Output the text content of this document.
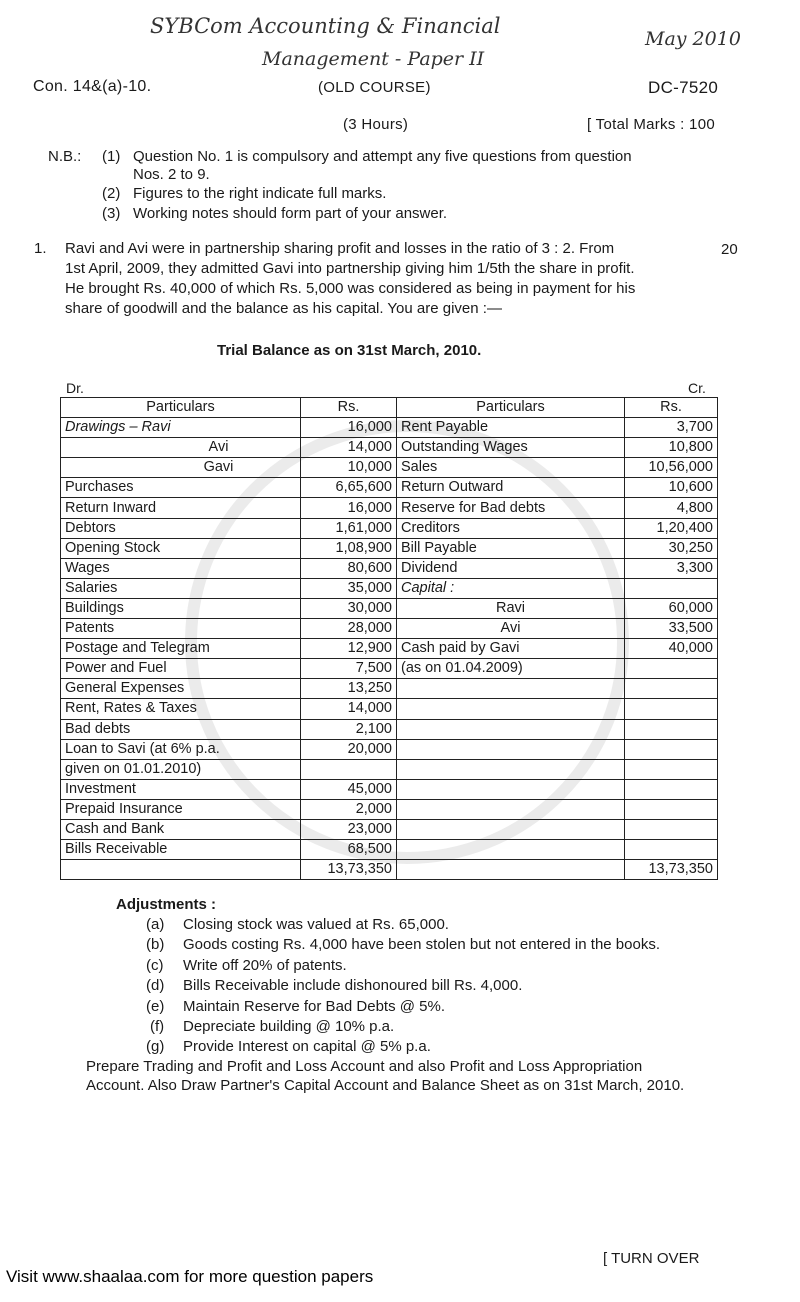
SYBCom Accounting & Financial
Management - Paper II
May 2010
Con. 14&(a)-10.	(OLD COURSE)	DC-7520
(3 Hours)	[ Total Marks : 100
N.B.: (1) Question No. 1 is compulsory and attempt any five questions from question
Nos. 2 to 9.
(2) Figures to the right indicate full marks.
(3) Working notes should form part of your answer.
1.	20
Ravi and Avi were in partnership sharing profit and losses in the ratio of 3 : 2. From
1st April, 2009, they admitted Gavi into partnership giving him 1/5th the share in profit.
He brought Rs. 40,000 of which Rs. 5,000 was considered as being in payment for his
share of goodwill and the balance as his capital. You are given :—
Trial Balance as on 31st March, 2010.
Dr.	Cr.
Particulars	Rs.	Particulars	Rs.
Drawings – Ravi	16,000	Rent Payable	3,700
Avi	14,000	Outstanding Wages	10,800
Gavi	10,000	Sales	10,56,000
Purchases	6,65,600	Return Outward	10,600
Return Inward	16,000	Reserve for Bad debts	4,800
Debtors	1,61,000	Creditors	1,20,400
Opening Stock	1,08,900	Bill Payable	30,250
Wages	80,600	Dividend	3,300
Salaries	35,000	Capital :	
Buildings	30,000	Ravi	60,000
Patents	28,000	Avi	33,500
Postage and Telegram	12,900	Cash paid by Gavi	40,000
Power and Fuel	7,500	(as on 01.04.2009)	
General Expenses	13,250		
Rent, Rates & Taxes	14,000		
Bad debts	2,100		
Loan to Savi (at 6% p.a.	20,000		
given on 01.01.2010)			
Investment	45,000		
Prepaid Insurance	2,000		
Cash and Bank	23,000		
Bills Receivable	68,500		
	13,73,350		13,73,350
Adjustments :
(a) Closing stock was valued at Rs. 65,000.
(b) Goods costing Rs. 4,000 have been stolen but not entered in the books.
(c) Write off 20% of patents.
(d) Bills Receivable include dishonoured bill Rs. 4,000.
(e) Maintain Reserve for Bad Debts @ 5%.
(f) Depreciate building @ 10% p.a.
(g) Provide Interest on capital @ 5% p.a.
Prepare Trading and Profit and Loss Account and also Profit and Loss Appropriation
Account. Also Draw Partner's Capital Account and Balance Sheet as on 31st March, 2010.
[ TURN OVER
Visit www.shaalaa.com for more question papers
